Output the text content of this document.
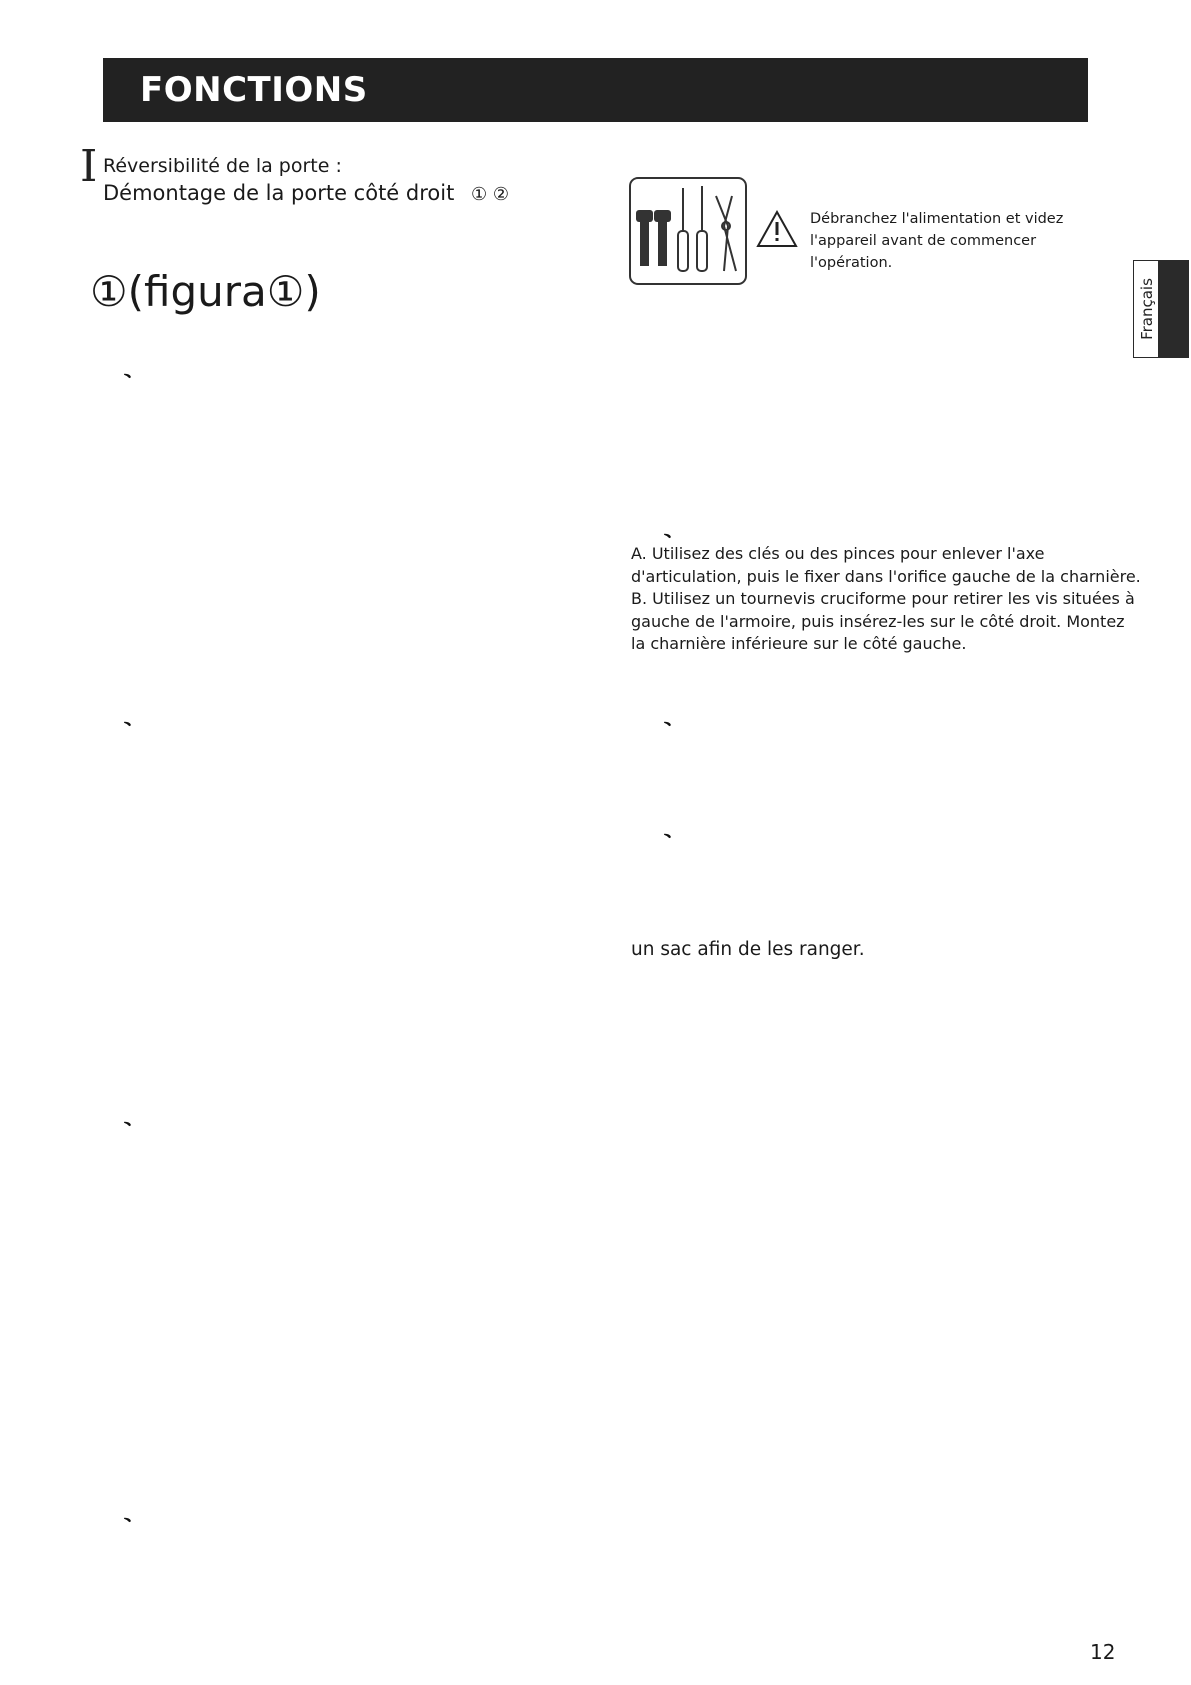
FONCTIONS
I Réversibilité de la porte :
Démontage de la porte côté droit ① ②
①(figura①)
、
、
、
、
Débranchez l'alimentation et videz l'appareil avant de commencer l'opération.
、
、
、

A. Utilisez des clés ou des pinces pour enlever l'axe d'articulation, puis le fixer dans l'orifice gauche de la charnière.

B. Utilisez un tournevis cruciforme pour retirer les vis situées à gauche de l'armoire, puis insérez-les sur le côté droit. Montez la charnière inférieure sur le côté gauche.

un sac afin de les ranger.
Français
12
